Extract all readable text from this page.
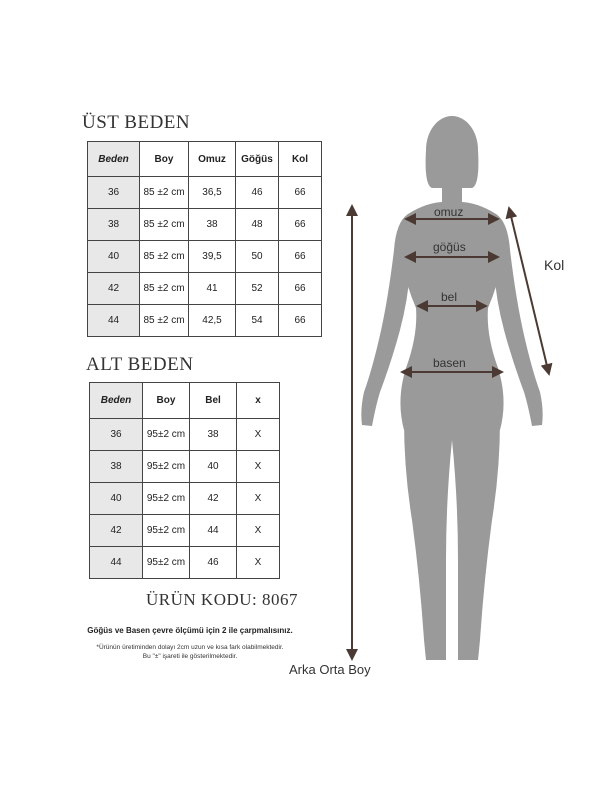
ÜST BEDEN
Beden	Boy	Omuz	Göğüs	Kol
36	85 ±2 cm	36,5	46	66
38	85 ±2 cm	38	48	66
40	85 ±2 cm	39,5	50	66
42	85 ±2 cm	41	52	66
44	85 ±2 cm	42,5	54	66
ALT BEDEN
Beden	Boy	Bel	x
36	95±2 cm	38	X
38	95±2 cm	40	X
40	95±2 cm	42	X
42	95±2 cm	44	X
44	95±2 cm	46	X
ÜRÜN KODU: 8067
Göğüs ve Basen çevre ölçümü için 2 ile çarpmalısınız.
*Ürünün üretiminden dolayı 2cm uzun ve kısa fark olabilmektedir.
Bu "±" işareti ile gösterilmektedir.
omuz
göğüs
bel
basen
Kol
Arka Orta Boy
